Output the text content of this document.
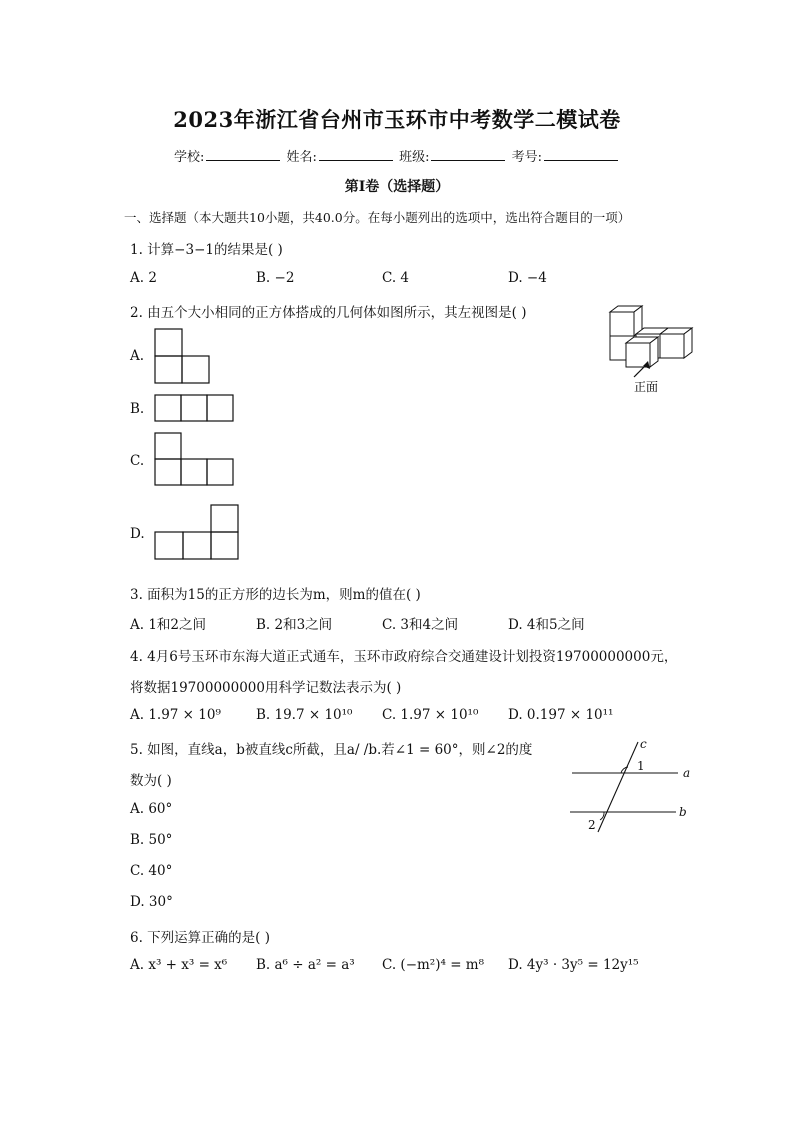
2023年浙江省台州市玉环市中考数学二模试卷
学校:	姓名:	班级:	考号:
第I卷（选择题）
一、选择题（本大题共10小题，共40.0分。在每小题列出的选项中，选出符合题目的一项）
1. 计算−3−1的结果是( )
A. 2	B. −2	C. 4	D. −4
2. 由五个大小相同的正方体搭成的几何体如图所示，其左视图是( )
正面
A.
B.
C.
D.
3. 面积为15的正方形的边长为m，则m的值在( )
A. 1和2之间	B. 2和3之间	C. 3和4之间	D. 4和5之间
4. 4月6号玉环市东海大道正式通车，玉环市政府综合交通建设计划投资19700000000元，
将数据19700000000用科学记数法表示为( )
A. 1.97 × 10⁹	B. 19.7 × 10¹⁰ C. 1.97 × 10¹⁰ D. 0.197 × 10¹¹
5. 如图，直线a，b被直线c所截，且a/ /b.若∠1 = 60°，则∠2的度
数为( )
A. 60°
B. 50°
C. 40°
D. 30°
c
1	a
b
2
6. 下列运算正确的是( )
A. x³ + x³ = x⁶ B. a⁶ ÷ a² = a³ C. (−m²)⁴ = m⁸ D. 4y³ · 3y⁵ = 12y¹⁵
